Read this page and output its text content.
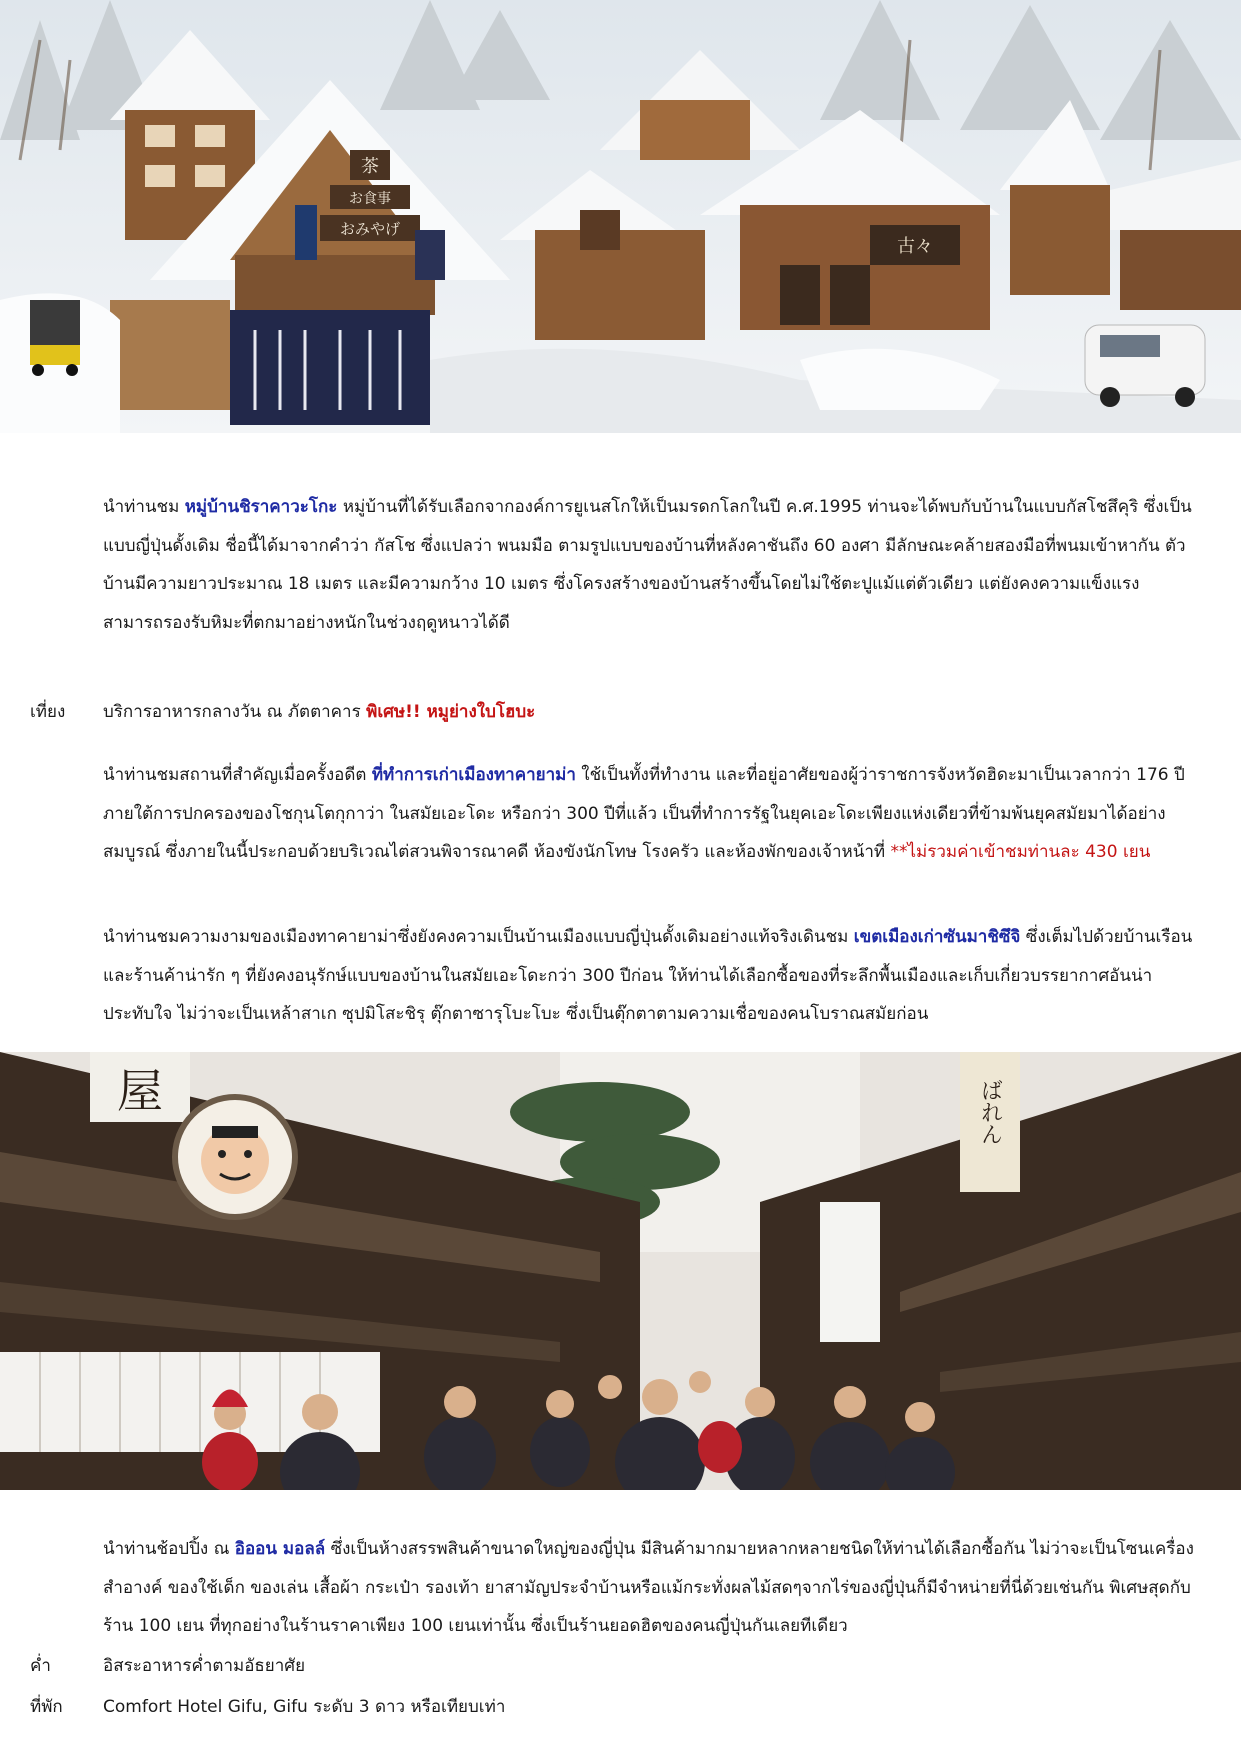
茶
お食事
おみやげ
古々

นำท่านชม หมู่บ้านชิราคาวะโกะ หมู่บ้านที่ได้รับเลือกจากองค์การยูเนสโกให้เป็นมรดกโลกในปี ค.ศ.1995 ท่านจะได้พบกับบ้านในแบบกัสโชสึคุริ ซึ่งเป็นแบบญี่ปุ่นดั้งเดิม ชื่อนี้ได้มาจากคำว่า กัสโช ซึ่งแปลว่า พนมมือ ตามรูปแบบของบ้านที่หลังคาชันถึง 60 องศา มีลักษณะคล้ายสองมือที่พนมเข้าหากัน ตัวบ้านมีความยาวประมาณ 18 เมตร และมีความกว้าง 10 เมตร ซึ่งโครงสร้างของบ้านสร้างขึ้นโดยไม่ใช้ตะปูแม้แต่ตัวเดียว แต่ยังคงความแข็งแรงสามารถรองรับหิมะที่ตกมาอย่างหนักในช่วงฤดูหนาวได้ดี

เที่ยง บริการอาหารกลางวัน ณ ภัตตาคาร พิเศษ!! หมูย่างใบโฮบะ

นำท่านชมสถานที่สำคัญเมื่อครั้งอดีต ที่ทำการเก่าเมืองทาคายาม่า ใช้เป็นทั้งที่ทำงาน และที่อยู่อาศัยของผู้ว่าราชการจังหวัดฮิดะมาเป็นเวลากว่า 176 ปี ภายใต้การปกครองของโชกุนโตกุกาว่า ในสมัยเอะโดะ หรือกว่า 300 ปีที่แล้ว เป็นที่ทำการรัฐในยุคเอะโดะเพียงแห่งเดียวที่ข้ามพ้นยุคสมัยมาได้อย่างสมบูรณ์ ซึ่งภายในนี้ประกอบด้วยบริเวณไต่สวนพิจารณาคดี ห้องขังนักโทษ โรงครัว และห้องพักของเจ้าหน้าที่ **ไม่รวมค่าเข้าชมท่านละ 430 เยน

นำท่านชมความงามของเมืองทาคายาม่าซึ่งยังคงความเป็นบ้านเมืองแบบญี่ปุ่นดั้งเดิมอย่างแท้จริงเดินชม เขตเมืองเก่าซันมาชิซึจิ ซึ่งเต็มไปด้วยบ้านเรือน และร้านค้าน่ารัก ๆ ที่ยังคงอนุรักษ์แบบของบ้านในสมัยเอะโดะกว่า 300 ปีก่อน ให้ท่านได้เลือกซื้อของที่ระลึกพื้นเมืองและเก็บเกี่ยวบรรยากาศอันน่าประทับใจ ไม่ว่าจะเป็นเหล้าสาเก ซุปมิโสะชิรุ ตุ๊กตาซารุโบะโบะ ซึ่งเป็นตุ๊กตาตามความเชื่อของคนโบราณสมัยก่อน

屋	ばれん

นำท่านช้อปปิ้ง ณ อิออน มอลล์ ซึ่งเป็นห้างสรรพสินค้าขนาดใหญ่ของญี่ปุ่น มีสินค้ามากมายหลากหลายชนิดให้ท่านได้เลือกซื้อกัน ไม่ว่าจะเป็นโซนเครื่องสำอางค์ ของใช้เด็ก ของเล่น เสื้อผ้า กระเป๋า รองเท้า ยาสามัญประจำบ้านหรือแม้กระทั่งผลไม้สดๆจากไร่ของญี่ปุ่นก็มีจำหน่ายที่นี่ด้วยเช่นกัน พิเศษสุดกับร้าน 100 เยน ที่ทุกอย่างในร้านราคาเพียง 100 เยนเท่านั้น ซึ่งเป็นร้านยอดฮิตของคนญี่ปุ่นกันเลยทีเดียว

ค่ำ	อิสระอาหารค่ำตามอัธยาศัย
ที่พัก Comfort Hotel Gifu, Gifu ระดับ 3 ดาว หรือเทียบเท่า
